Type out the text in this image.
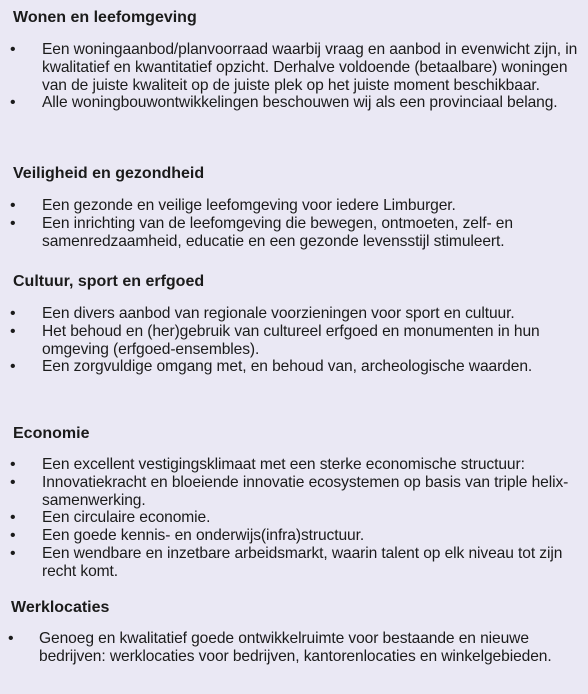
Wonen en leefomgeving
• Een woningaanbod/planvoorraad waarbij vraag en aanbod in evenwicht zijn, in kwalitatief en kwantitatief opzicht. Derhalve voldoende (betaalbare) woningen van de juiste kwaliteit op de juiste plek op het juiste moment beschikbaar.
• Alle woningbouwontwikkelingen beschouwen wij als een provinciaal belang.
Veiligheid en gezondheid
• Een gezonde en veilige leefomgeving voor iedere Limburger.
• Een inrichting van de leefomgeving die bewegen, ontmoeten, zelf- en samenredzaamheid, educatie en een gezonde levensstijl stimuleert.
Cultuur, sport en erfgoed
• Een divers aanbod van regionale voorzieningen voor sport en cultuur.
• Het behoud en (her)gebruik van cultureel erfgoed en monumenten in hun omgeving (erfgoed-ensembles).
• Een zorgvuldige omgang met, en behoud van, archeologische waarden.
Economie
• Een excellent vestigingsklimaat met een sterke economische structuur:
• Innovatiekracht en bloeiende innovatie ecosystemen op basis van triple helix-samenwerking.
• Een circulaire economie.
• Een goede kennis- en onderwijs(infra)structuur.
• Een wendbare en inzetbare arbeidsmarkt, waarin talent op elk niveau tot zijn recht komt.
Werklocaties
• Genoeg en kwalitatief goede ontwikkelruimte voor bestaande en nieuwe bedrijven: werklocaties voor bedrijven, kantorenlocaties en winkelgebieden.
